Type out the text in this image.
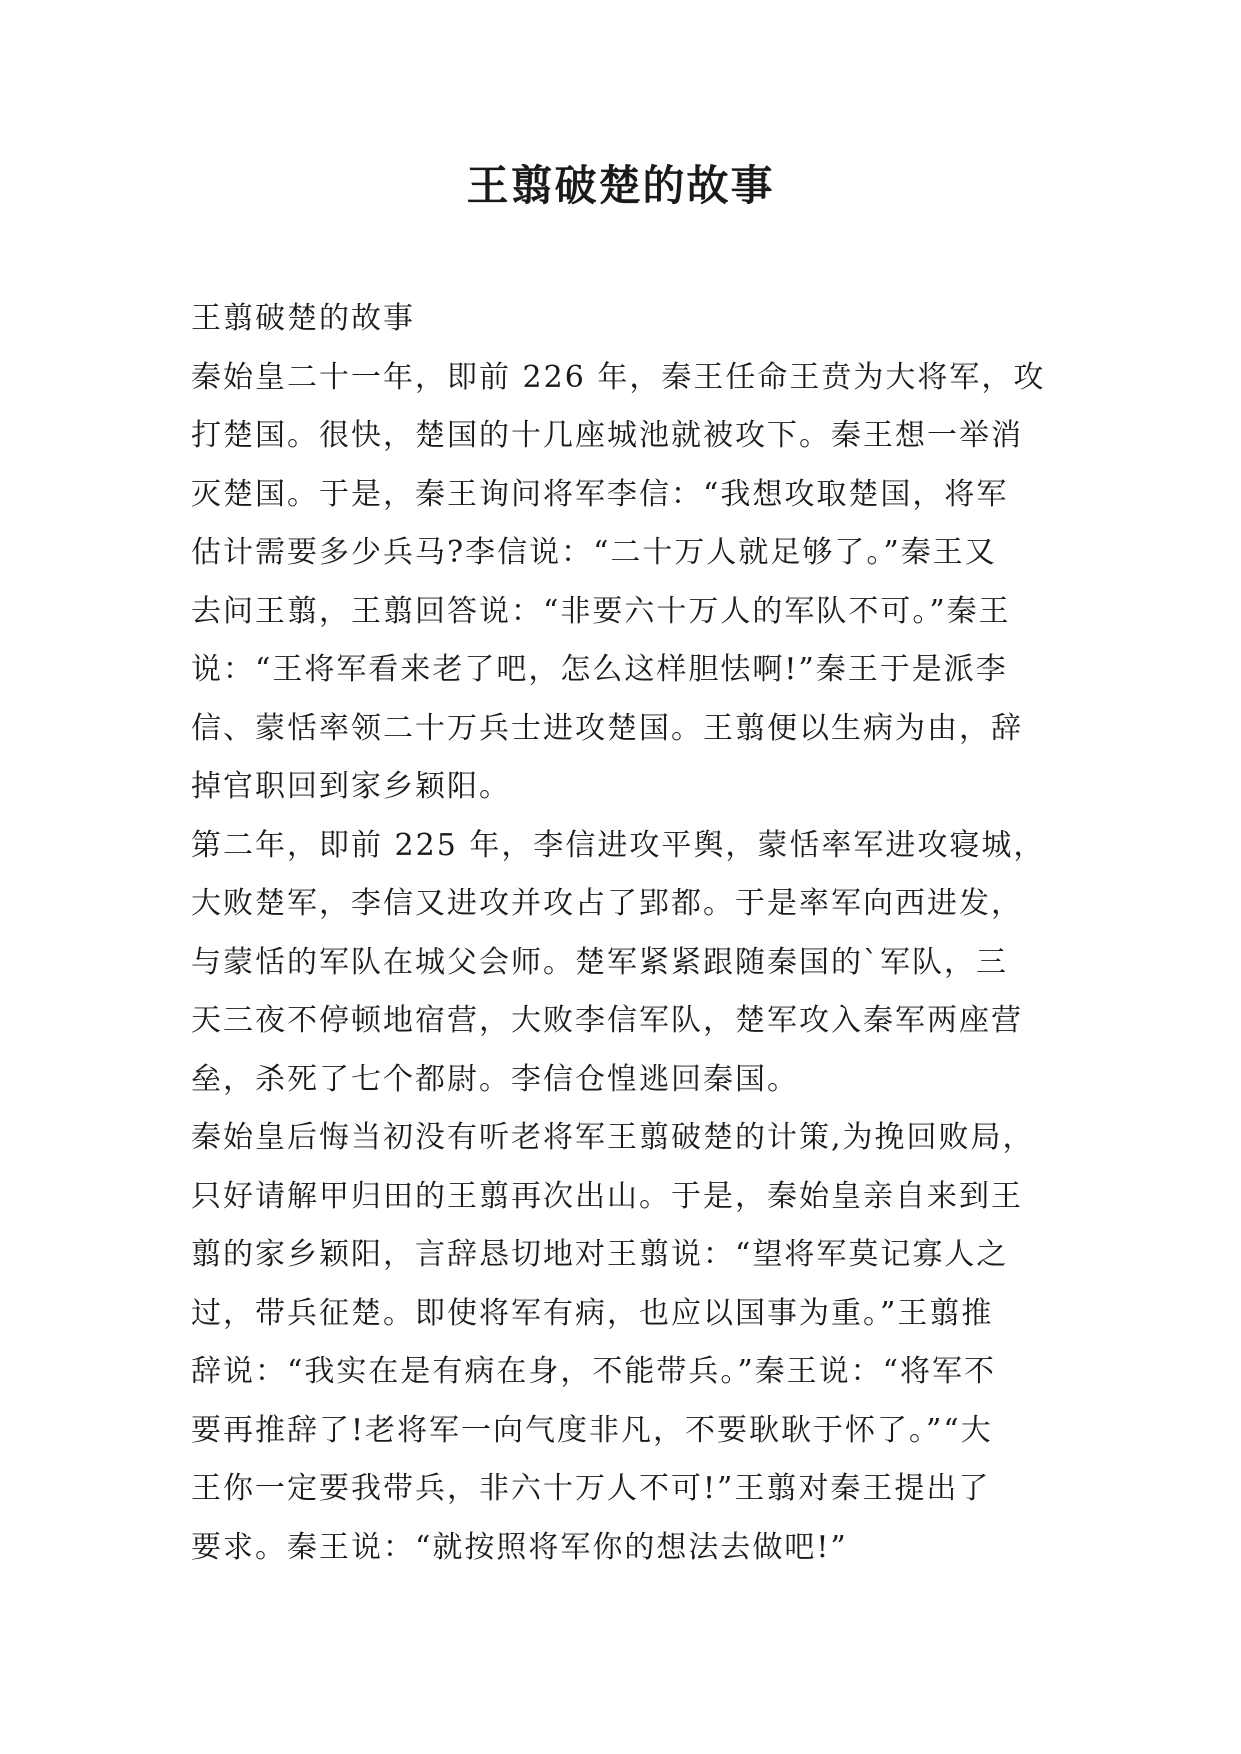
王翦破楚的故事
王翦破楚的故事
秦始皇二十一年，即前 226 年，秦王任命王贲为大将军，攻
打楚国。很快，楚国的十几座城池就被攻下。秦王想一举消
灭楚国。于是，秦王询问将军李信：“我想攻取楚国，将军
估计需要多少兵马?李信说：“二十万人就足够了。”秦王又
去问王翦，王翦回答说：“非要六十万人的军队不可。”秦王
说：“王将军看来老了吧，怎么这样胆怯啊!”秦王于是派李
信、蒙恬率领二十万兵士进攻楚国。王翦便以生病为由，辞
掉官职回到家乡颖阳。
第二年，即前 225 年，李信进攻平舆，蒙恬率军进攻寝城，
大败楚军，李信又进攻并攻占了郢都。于是率军向西进发，
与蒙恬的军队在城父会师。楚军紧紧跟随秦国的`军队，三
天三夜不停顿地宿营，大败李信军队，楚军攻入秦军两座营
垒，杀死了七个都尉。李信仓惶逃回秦国。
秦始皇后悔当初没有听老将军王翦破楚的计策,为挽回败局，
只好请解甲归田的王翦再次出山。于是，秦始皇亲自来到王
翦的家乡颖阳，言辞恳切地对王翦说：“望将军莫记寡人之
过，带兵征楚。即使将军有病，也应以国事为重。”王翦推
辞说：“我实在是有病在身，不能带兵。”秦王说：“将军不
要再推辞了!老将军一向气度非凡，不要耿耿于怀了。”“大
王你一定要我带兵，非六十万人不可!”王翦对秦王提出了
要求。秦王说：“就按照将军你的想法去做吧!”
